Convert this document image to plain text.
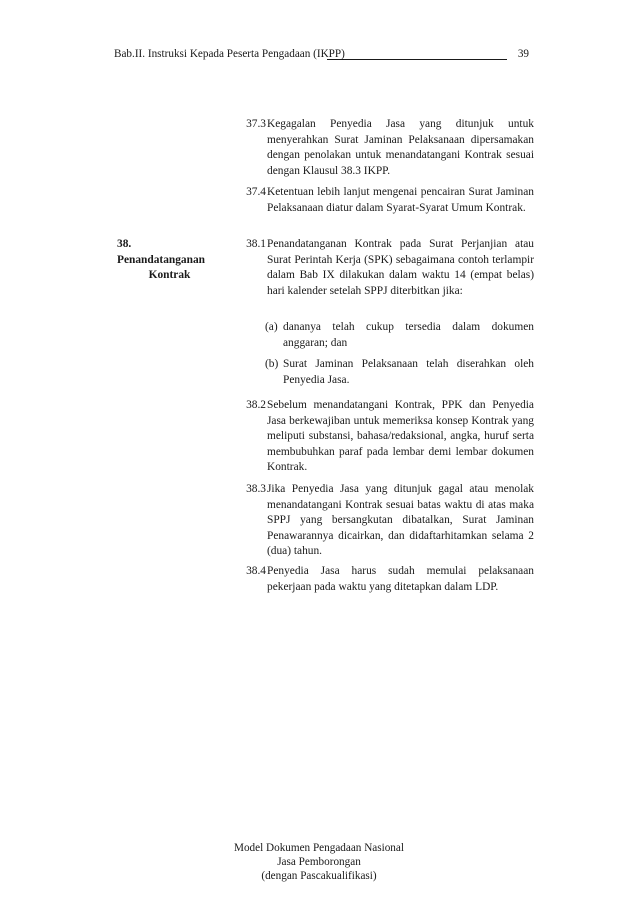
Bab.II. Instruksi Kepada Peserta Pengadaan (IKPP)	39
37.3 Kegagalan Penyedia Jasa yang ditunjuk untuk menyerahkan Surat Jaminan Pelaksanaan dipersamakan dengan penolakan untuk menandatangani Kontrak sesuai dengan Klausul 38.3 IKPP.
37.4 Ketentuan lebih lanjut mengenai pencairan Surat Jaminan Pelaksanaan diatur dalam Syarat-Syarat Umum Kontrak.
38.
Penandatanganan
Kontrak
38.1 Penandatanganan Kontrak pada Surat Perjanjian atau Surat Perintah Kerja (SPK) sebagaimana contoh terlampir dalam Bab IX dilakukan dalam waktu 14 (empat belas) hari kalender setelah SPPJ diterbitkan jika:
(a) dananya telah cukup tersedia dalam dokumen anggaran; dan
(b) Surat Jaminan Pelaksanaan telah diserahkan oleh Penyedia Jasa.
38.2 Sebelum menandatangani Kontrak, PPK dan Penyedia Jasa berkewajiban untuk memeriksa konsep Kontrak yang meliputi substansi, bahasa/redaksional, angka, huruf serta membubuhkan paraf pada lembar demi lembar dokumen Kontrak.
38.3 Jika Penyedia Jasa yang ditunjuk gagal atau menolak menandatangani Kontrak sesuai batas waktu di atas maka SPPJ yang bersangkutan dibatalkan, Surat Jaminan Penawarannya dicairkan, dan didaftarhitamkan selama 2 (dua) tahun.
38.4 Penyedia Jasa harus sudah memulai pelaksanaan pekerjaan pada waktu yang ditetapkan dalam LDP.
Model Dokumen Pengadaan Nasional
Jasa Pemborongan
(dengan Pascakualifikasi)
